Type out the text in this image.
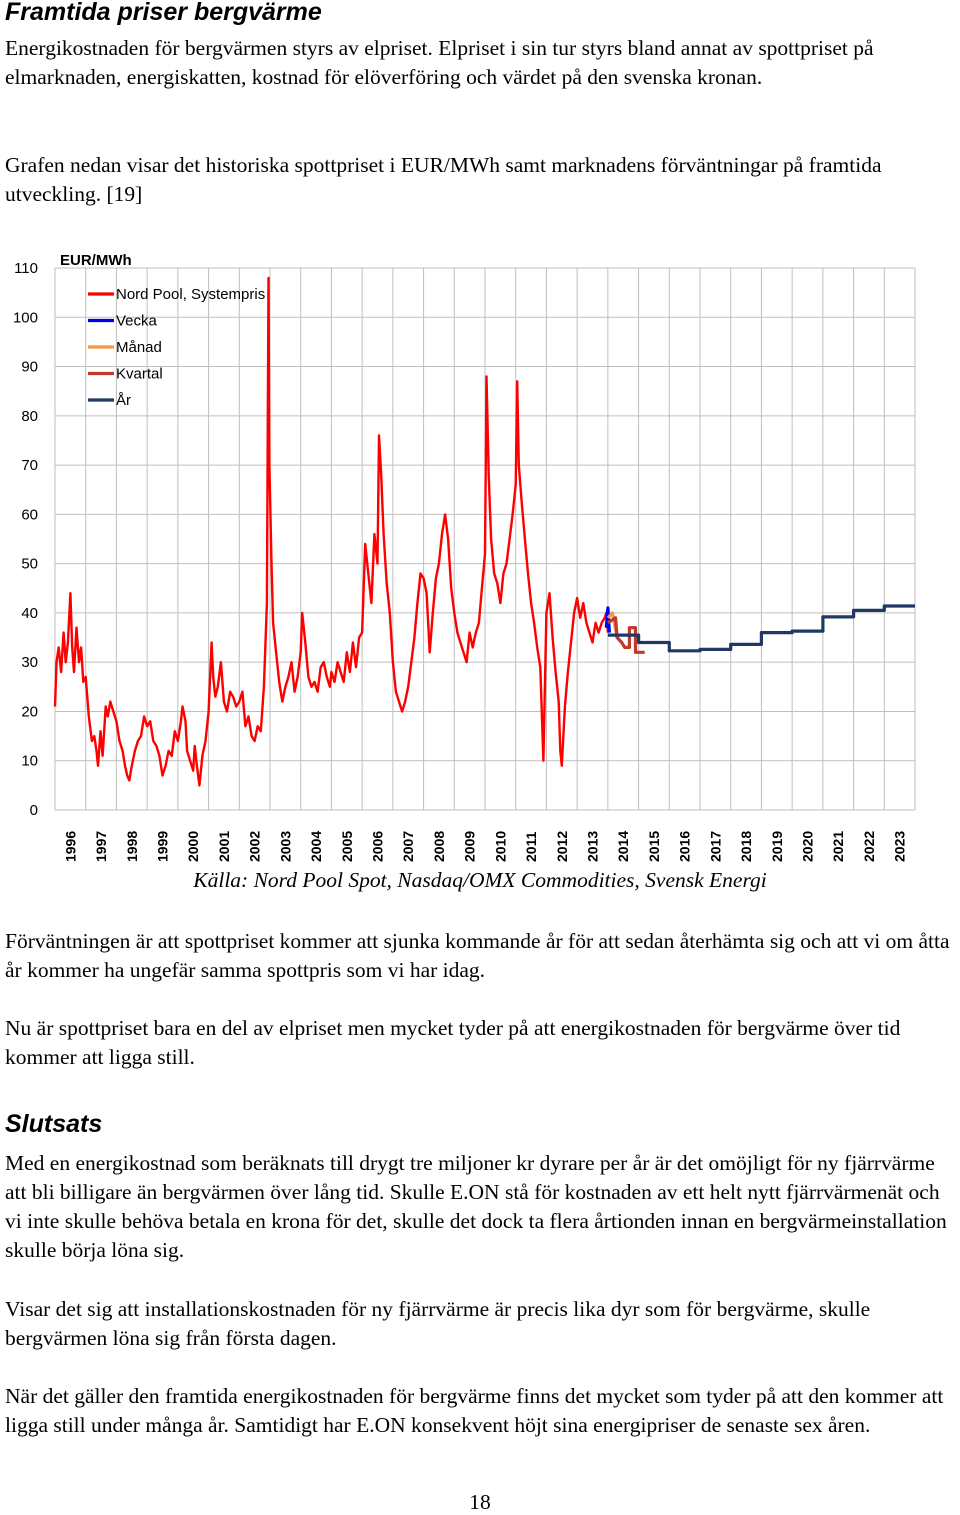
Framtida priser bergvärme
Energikostnaden för bergvärmen styrs av elpriset. Elpriset i sin tur styrs bland annat av spottpriset på elmarknaden, energiskatten, kostnad för elöverföring och värdet på den svenska kronan.
Grafen nedan visar det historiska spottpriset i EUR/MWh samt marknadens förväntningar på framtida utveckling. [19]
0
10
20
30
40
50
60
70
80
90
100
110
1996 1997 1998 1999 2000 2001 2002 2003 2004 2005 2006 2007 2008 2009 2010 2011 2012 2013 2014 2015 2016 2017 2018 2019 2020 2021 2022 2023
EUR/MWh
Nord Pool, Systempris
Vecka
Månad
Kvartal
År
Källa: Nord Pool Spot, Nasdaq/OMX Commodities, Svensk Energi
Förväntningen är att spottpriset kommer att sjunka kommande år för att sedan återhämta sig och att vi om åtta år kommer ha ungefär samma spottpris som vi har idag.
Nu är spottpriset bara en del av elpriset men mycket tyder på att energikostnaden för bergvärme över tid kommer att ligga still.
Slutsats
Med en energikostnad som beräknats till drygt tre miljoner kr dyrare per år är det omöjligt för ny fjärrvärme att bli billigare än bergvärmen över lång tid. Skulle E.ON stå för kostnaden av ett helt nytt fjärrvärmenät och vi inte skulle behöva betala en krona för det, skulle det dock ta flera årtionden innan en bergvärmeinstallation skulle börja löna sig.
Visar det sig att installationskostnaden för ny fjärrvärme är precis lika dyr som för bergvärme, skulle bergvärmen löna sig från första dagen.
När det gäller den framtida energikostnaden för bergvärme finns det mycket som tyder på att den kommer att ligga still under många år. Samtidigt har E.ON konsekvent höjt sina energipriser de senaste sex åren.
18
